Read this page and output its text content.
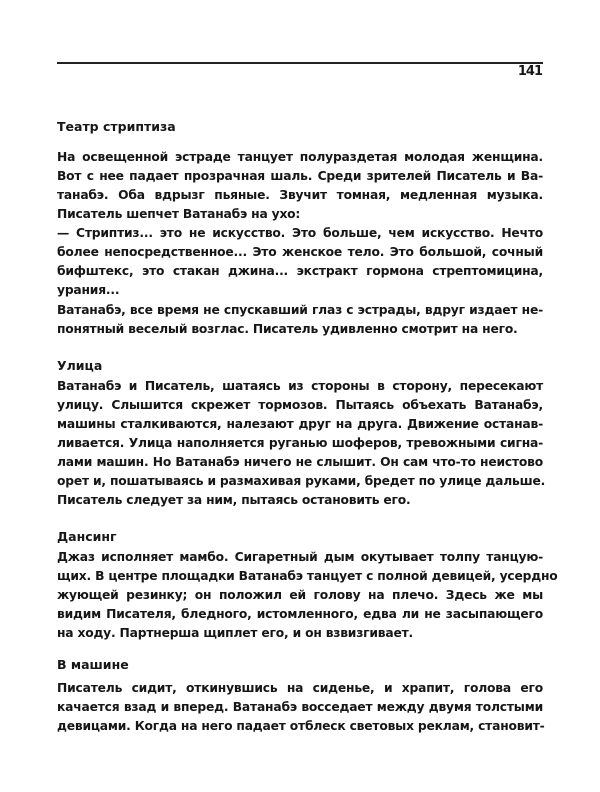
141
Театр стриптиза
На освещенной эстраде танцует полураздетая молодая женщина.
Вот с нее падает прозрачная шаль. Среди зрителей Писатель и Ва-
танабэ. Оба вдрызг пьяные. Звучит томная, медленная музыка.
Писатель шепчет Ватанабэ на ухо:
— Стриптиз... это не искусство. Это больше, чем искусство. Нечто
более непосредственное... Это женское тело. Это большой, сочный
бифштекс, это стакан джина... экстракт гормона стрептомицина,
урания...
Ватанабэ, все время не спускавший глаз с эстрады, вдруг издает не-
понятный веселый возглас. Писатель удивленно смотрит на него.
Улица
Ватанабэ и Писатель, шатаясь из стороны в сторону, пересекают
улицу. Слышится скрежет тормозов. Пытаясь объехать Ватанабэ,
машины сталкиваются, налезают друг на друга. Движение останав-
ливается. Улица наполняется руганью шоферов, тревожными сигна-
лами машин. Но Ватанабэ ничего не слышит. Он сам что-то неистово
орет и, пошатываясь и размахивая руками, бредет по улице дальше.
Писатель следует за ним, пытаясь остановить его.
Дансинг
Джаз исполняет мамбо. Сигаретный дым окутывает толпу танцую-
щих. В центре площадки Ватанабэ танцует с полной девицей, усердно
жующей резинку; он положил ей голову на плечо. Здесь же мы
видим Писателя, бледного, истомленного, едва ли не засыпающего
на ходу. Партнерша щиплет его, и он взвизгивает.
В машине
Писатель сидит, откинувшись на сиденье, и храпит, голова его
качается взад и вперед. Ватанабэ восседает между двумя толстыми
девицами. Когда на него падает отблеск световых реклам, становит-
